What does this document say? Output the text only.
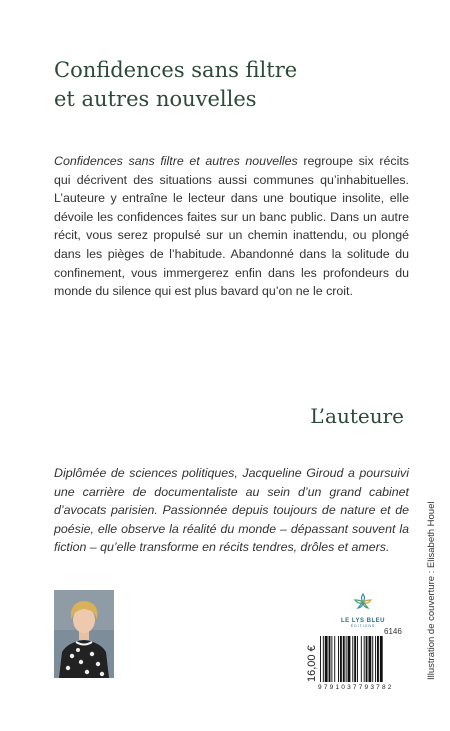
Confidences sans filtre
et autres nouvelles

Confidences sans filtre et autres nouvelles regroupe six récits qui décrivent des situations aussi communes qu’inhabituelles. L’auteure y entraîne le lecteur dans une boutique insolite, elle dévoile les confidences faites sur un banc public. Dans un autre récit, vous serez propulsé sur un chemin inattendu, ou plongé dans les pièges de l’habitude. Abandonné dans la solitude du confinement, vous immergerez enfin dans les profondeurs du monde du silence qui est plus bavard qu’on ne le croit.

L’auteure

Diplômée de sciences politiques, Jacqueline Giroud a poursuivi une carrière de documentaliste au sein d’un grand cabinet d’avocats parisien. Passionnée depuis toujours de nature et de poésie, elle observe la réalité du monde – dépassant souvent la fiction – qu’elle transforme en récits tendres, drôles et amers.	Illustration de couverture : Elisabeth Houel
LE LYS BLEU
ÉDITIONS
6146
16,00 €
9791037793782
